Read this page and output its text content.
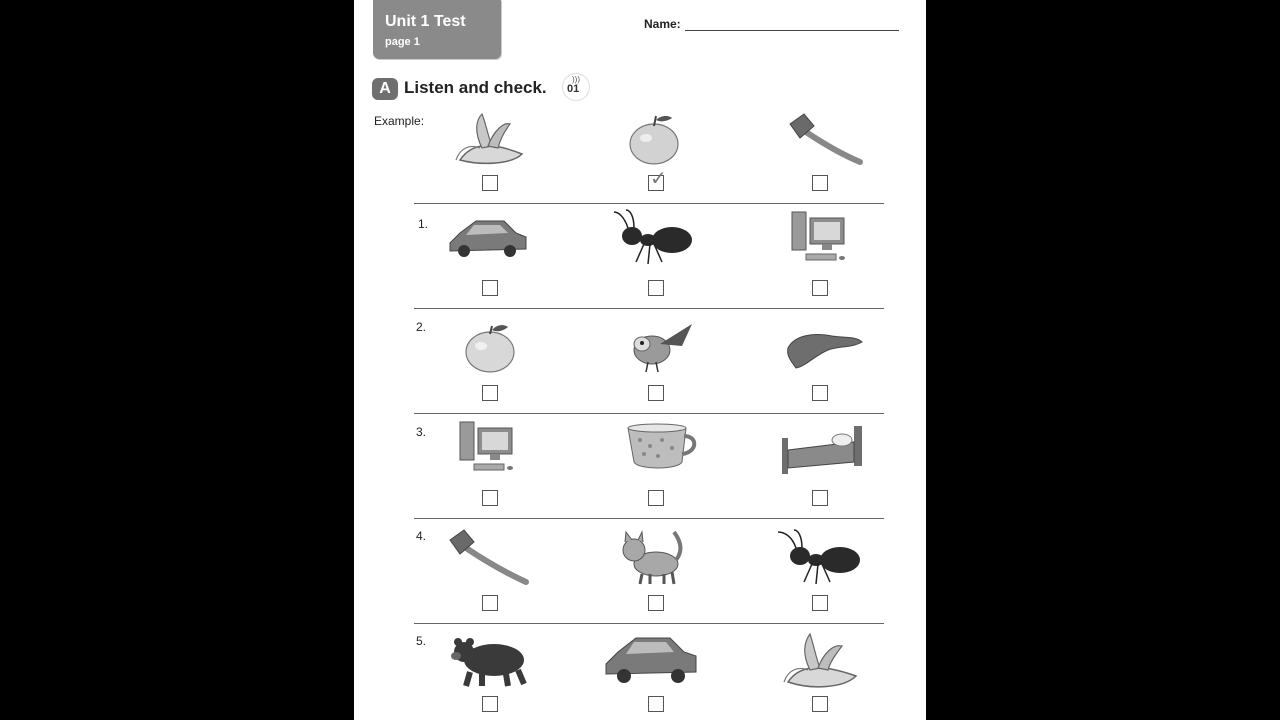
Unit 1 Test
page 1
Name:
A Listen and check.	)))
01
Example:
✓
1.
2.
3.
4.
5.
